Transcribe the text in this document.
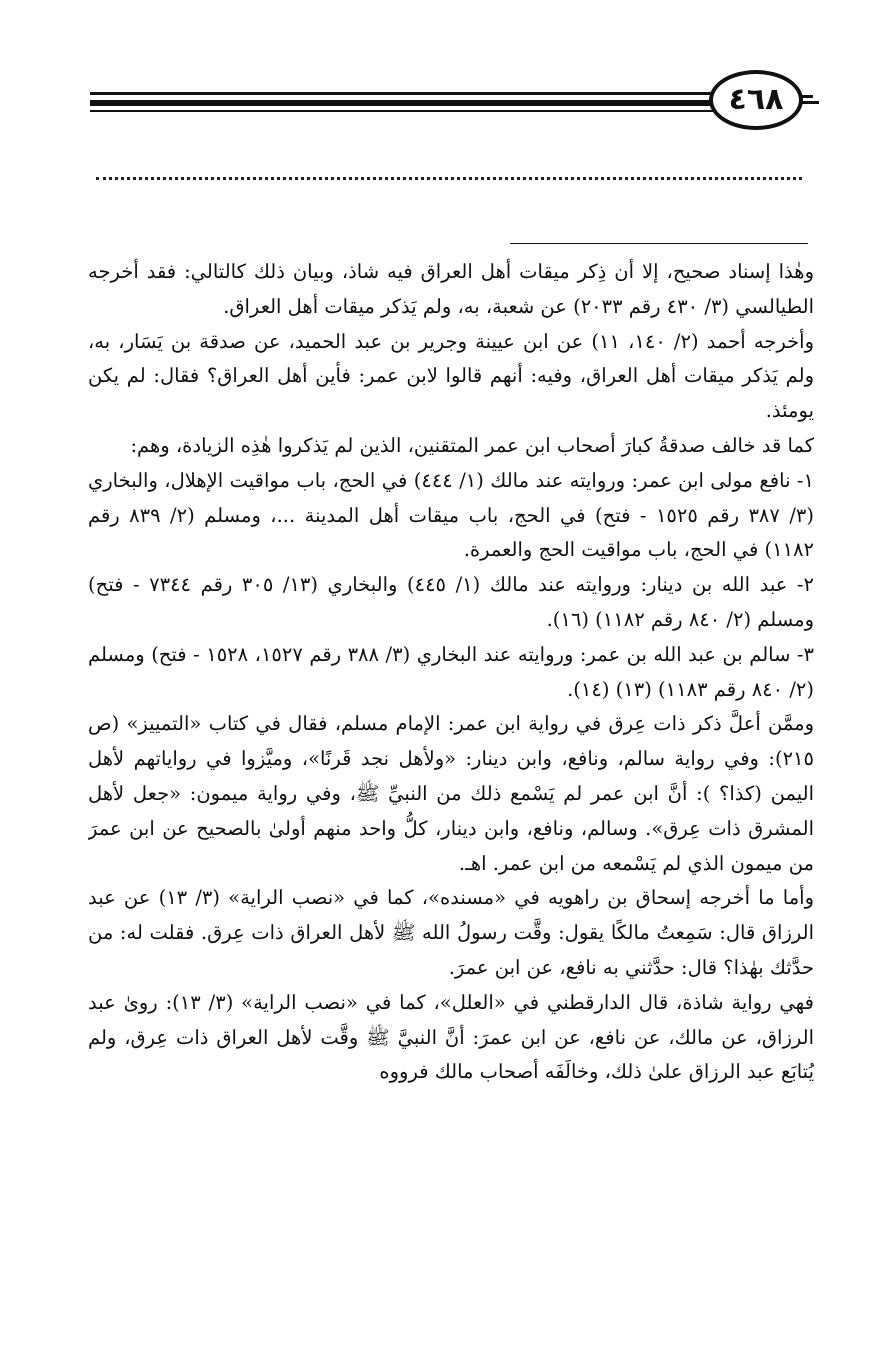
٤٦٨

وهٰذا إسناد صحيح، إلا أن ذِكر ميقات أهل العراق فيه شاذ، وبيان ذلك كالتالي: فقد أخرجه الطيالسي (٣/ ٤٣٠ رقم ٢٠٣٣) عن شعبة، به، ولم يَذكر ميقات أهل العراق.

وأخرجه أحمد (٢/ ١٤٠، ١١) عن ابن عيينة وجرير بن عبد الحميد، عن صدقة بن يَسَار، به، ولم يَذكر ميقات أهل العراق، وفيه: أنهم قالوا لابن عمر: فأين أهل العراق؟ فقال: لم يكن يومئذ.

كما قد خالف صدقةُ كبارَ أصحاب ابن عمر المتقنين، الذين لم يَذكروا هٰذِه الزيادة، وهم:

١- نافع مولى ابن عمر: وروايته عند مالك (١/ ٤٤٤) في الحج، باب مواقيت الإهلال، والبخاري (٣/ ٣٨٧ رقم ١٥٢٥ - فتح) في الحج، باب ميقات أهل المدينة ...، ومسلم (٢/ ٨٣٩ رقم ١١٨٢) في الحج، باب مواقيت الحج والعمرة.

٢- عبد الله بن دينار: وروايته عند مالك (١/ ٤٤٥) والبخاري (١٣/ ٣٠٥ رقم ٧٣٤٤ - فتح) ومسلم (٢/ ٨٤٠ رقم ١١٨٢) (١٦).

٣- سالم بن عبد الله بن عمر: وروايته عند البخاري (٣/ ٣٨٨ رقم ١٥٢٧، ١٥٢٨ - فتح) ومسلم (٢/ ٨٤٠ رقم ١١٨٣) (١٣) (١٤).

وممَّن أعلَّ ذكر ذات عِرق في رواية ابن عمر: الإمام مسلم، فقال في كتاب «التمييز» (ص ٢١٥): وفي رواية سالم، ونافع، وابن دينار: «ولأهل نجد قَرنًا»، وميَّزوا في رواياتهم لأهل اليمن (كذا؟ ): أنَّ ابن عمر لم يَسْمع ذلك من النبيِّ ﷺ، وفي رواية ميمون: «جعل لأهل المشرق ذات عِرق». وسالم، ونافع، وابن دينار، كلُّ واحد منهم أولىٰ بالصحيح عن ابن عمرَ من ميمون الذي لم يَسْمعه من ابن عمر. اهـ.

وأما ما أخرجه إسحاق بن راهويه في «مسنده»، كما في «نصب الراية» (٣/ ١٣) عن عبد الرزاق قال: سَمِعتُ مالكًا يقول: وقَّت رسولُ الله ﷺ لأهل العراق ذات عِرق. فقلت له: من حدَّثك بهٰذا؟ قال: حدَّثني به نافع، عن ابن عمرَ.

فهي رواية شاذة، قال الدارقطني في «العلل»، كما في «نصب الراية» (٣/ ١٣): روىٰ عبد الرزاق، عن مالك، عن نافع، عن ابن عمرَ: أنَّ النبيَّ ﷺ وقَّت لأهل العراق ذات عِرق، ولم يُتابَع عبد الرزاق علىٰ ذلك، وخالَفَه أصحاب مالك فرووه
